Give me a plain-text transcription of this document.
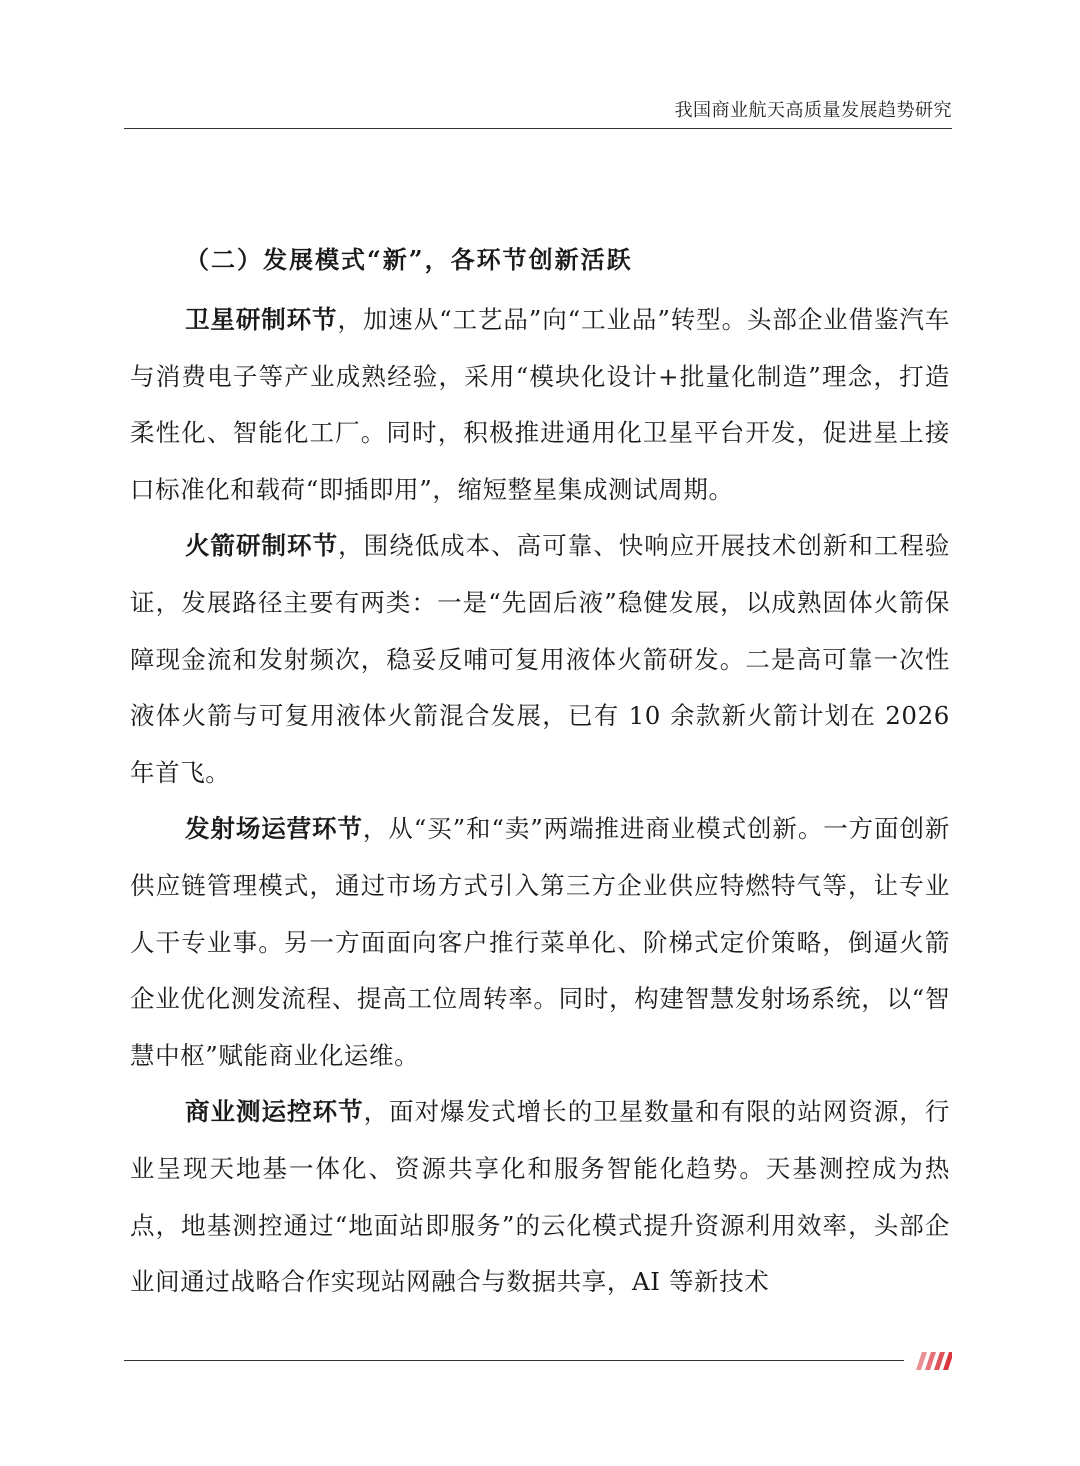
我国商业航天高质量发展趋势研究
（二）发展模式“新”，各环节创新活跃

卫星研制环节，加速从“工艺品”向“工业品”转型。头部企业借鉴汽车与消费电子等产业成熟经验，采用“模块化设计+批量化制造”理念，打造柔性化、智能化工厂。同时，积极推进通用化卫星平台开发，促进星上接口标准化和载荷“即插即用”，缩短整星集成测试周期。

火箭研制环节，围绕低成本、高可靠、快响应开展技术创新和工程验证，发展路径主要有两类：一是“先固后液”稳健发展，以成熟固体火箭保障现金流和发射频次，稳妥反哺可复用液体火箭研发。二是高可靠一次性液体火箭与可复用液体火箭混合发展，已有 10 余款新火箭计划在 2026 年首飞。

发射场运营环节，从“买”和“卖”两端推进商业模式创新。一方面创新供应链管理模式，通过市场方式引入第三方企业供应特燃特气等，让专业人干专业事。另一方面面向客户推行菜单化、阶梯式定价策略，倒逼火箭企业优化测发流程、提高工位周转率。同时，构建智慧发射场系统，以“智慧中枢”赋能商业化运维。

商业测运控环节，面对爆发式增长的卫星数量和有限的站网资源，行业呈现天地基一体化、资源共享化和服务智能化趋势。天基测控成为热点，地基测控通过“地面站即服务”的云化模式提升资源利用效率，头部企业间通过战略合作实现站网融合与数据共享，AI 等新技术
